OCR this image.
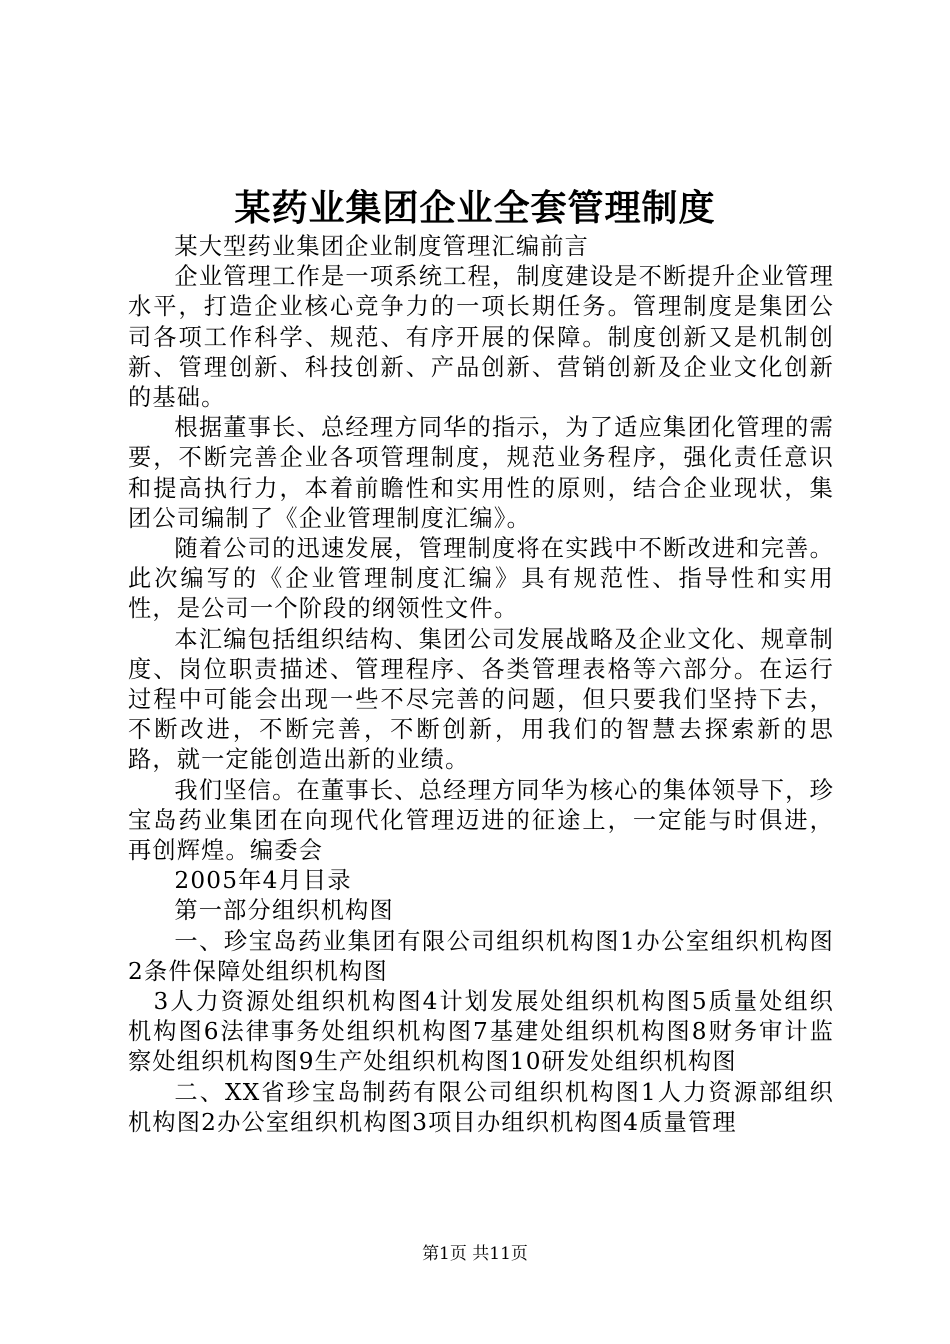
某药业集团企业全套管理制度

某大型药业集团企业制度管理汇编前言

企业管理工作是一项系统工程，制度建设是不断提升企业管理水平，打造企业核心竞争力的一项长期任务。管理制度是集团公司各项工作科学、规范、有序开展的保障。制度创新又是机制创新、管理创新、科技创新、产品创新、营销创新及企业文化创新的基础。

根据董事长、总经理方同华的指示，为了适应集团化管理的需要，不断完善企业各项管理制度，规范业务程序，强化责任意识和提高执行力，本着前瞻性和实用性的原则，结合企业现状，集团公司编制了《企业管理制度汇编》。

随着公司的迅速发展，管理制度将在实践中不断改进和完善。此次编写的《企业管理制度汇编》具有规范性、指导性和实用性，是公司一个阶段的纲领性文件。

本汇编包括组织结构、集团公司发展战略及企业文化、规章制度、岗位职责描述、管理程序、各类管理表格等六部分。在运行过程中可能会出现一些不尽完善的问题，但只要我们坚持下去，不断改进，不断完善，不断创新，用我们的智慧去探索新的思路，就一定能创造出新的业绩。

我们坚信。在董事长、总经理方同华为核心的集体领导下，珍宝岛药业集团在向现代化管理迈进的征途上，一定能与时俱进，再创辉煌。编委会

2005年4月目录

第一部分组织机构图

一、珍宝岛药业集团有限公司组织机构图1办公室组织机构图2条件保障处组织机构图

3人力资源处组织机构图4计划发展处组织机构图5质量处组织机构图6法律事务处组织机构图7基建处组织机构图8财务审计监察处组织机构图9生产处组织机构图10研发处组织机构图

二、XX省珍宝岛制药有限公司组织机构图1人力资源部组织机构图2办公室组织机构图3项目办组织机构图4质量管理

第1页 共11页
